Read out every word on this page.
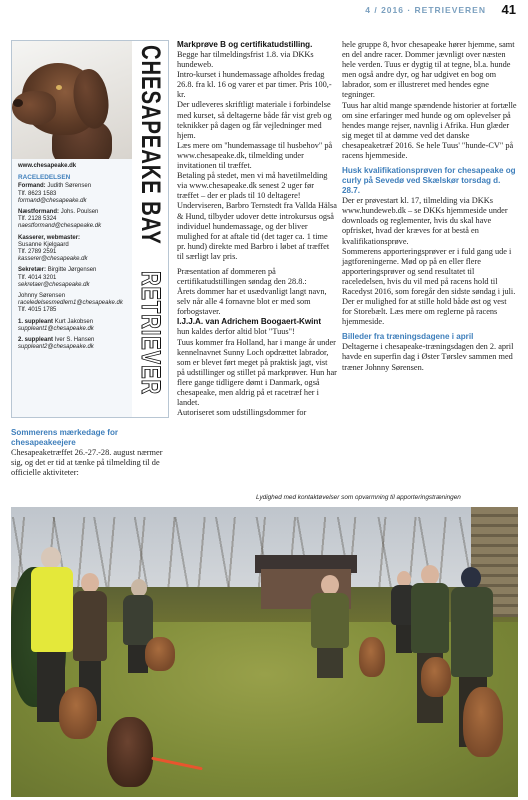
4 / 2016 · RETRIEVEREN 41
CHESAPEAKE BAY
RETRIEVER
www.chesapeake.dk
RACELEDELSEN
Formand: Judith Sørensen
Tlf. 8623 1583
formand@chesapeake.dk
Næstformand: Johs. Poulsen
Tlf. 2128 5324
naestformand@chesapeake.dk
Kasserer, webmaster:
Susanne Kjelgaard
Tlf. 2789 2591
kasserer@chesapeake.dk
Sekretær: Birgitte Jørgensen
Tlf. 4014 3201
sekretaer@chesapeake.dk
Johnny Sørensen
raceledelsesmedlem1@chesapeake.dk
Tlf. 4015 1785
1. suppleant Kurt Jakobsen
suppleant1@chesapeake.dk
2. suppleant Iver S. Hansen
suppleant2@chesapeake.dk

Sommerens mærkedage for chesapeakeejere

Chesapeaketræffet 26.-27.-28. august nærmer sig, og det er tid at tænke på tilmelding til de officielle aktiviteter:

Markprøve B og certifikatudstilling.

Begge har tilmeldingsfrist 1.8. via DKKs hundeweb.

Intro-kurset i hundemassage afholdes fredag 26.8. fra kl. 16 og varer et par timer. Pris 100,- kr.

Der udleveres skriftligt materiale i forbindelse med kurset, så deltagerne både får vist greb og teknikker på dagen og får vejledninger med hjem.

Læs mere om "hundemassage til husbehov" på www.chesapeake.dk, tilmelding under invitationen til træffet.

Betaling på stedet, men vi må havetilmelding via www.chesapeake.dk senest 2 uger før træffet – der er plads til 10 deltagere! Underviseren, Barbro Ternstedt fra Vallda Hälsa & Hund, tilbyder udover dette introkursus også individuel hundemassage, og der bliver mulighed for at aftale tid (det tager ca. 1 time pr. hund) direkte med Barbro i løbet af træffet til særligt lav pris.

Præsentation af dommeren på certifikatudstillingen søndag den 28.8.:

Årets dommer har et usædvanligt langt navn, selv når alle 4 fornavne blot er med som forbogstaver.

I.J.J.A. van Adrichem Boogaert-Kwint

hun kaldes derfor altid blot "Tuus"!

Tuus kommer fra Holland, har i mange år under kennelnavnet Sunny Loch opdrættet labrador, som er blevet ført meget på praktisk jagt, vist på udstillinger og stillet på markprøver. Hun har flere gange tidligere dømt i Danmark, også chesapeake, men aldrig på et racetræf her i landet.

Autoriseret som udstillingsdommer for

hele gruppe 8, hvor chesapeake hører hjemme, samt en del andre racer. Dommer jævnligt over næsten hele verden. Tuus er dygtig til at tegne, bl.a. hunde men også andre dyr, og har udgivet en bog om labrador, som er illustreret med hendes egne tegninger.

Tuus har altid mange spændende historier at fortælle om sine erfaringer med hunde og om oplevelser på hendes mange rejser, navnlig i Afrika. Hun glæder sig meget til at dømme ved det danske chesapeaketræf 2016. Se hele Tuus' "hunde-CV" på racens hjemmeside.

Husk kvalifikationsprøven for chesapeake og curly på Sevedø ved Skælskør torsdag d. 28.7.

Der er prøvestart kl. 17, tilmelding via DKKs www.hundeweb.dk – se DKKs hjemmeside under downloads og reglementer, hvis du skal have opfrisket, hvad der kræves for at bestå en kvalifikationsprøve.

Sommerens apporteringsprøver er i fuld gang ude i jagtforeningerne. Mød op på en eller flere apporteringsprøver og send resultatet til raceledelsen, hvis du vil med på racens hold til Racedyst 2016, som foregår den sidste søndag i juli. Der er mulighed for at stille hold både øst og vest for Storebælt. Læs mere om reglerne på racens hjemmeside.

Billeder fra træningsdagene i april

Deltagerne i chesapeake-træningsdagen den 2. april havde en superfin dag i Øster Tørslev sammen med træner Johnny Sørensen.

Lydighed med kontaktøvelser som opvarmning til apporteringstræningen
